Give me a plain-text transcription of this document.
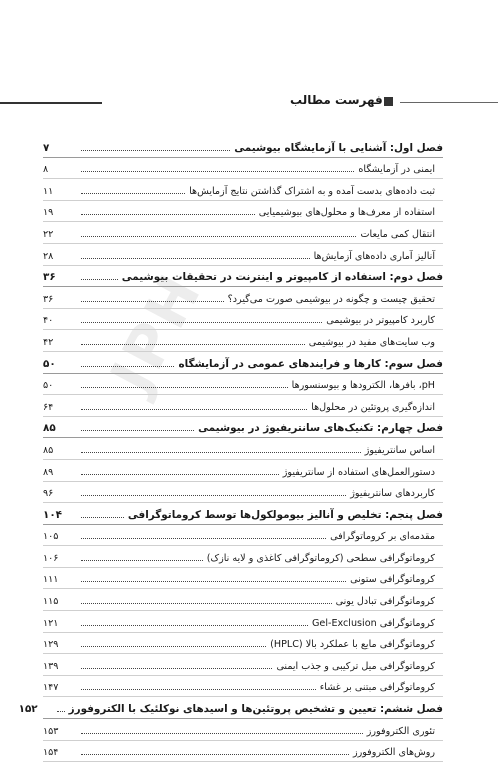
فهرست مطالب
JPH
فصل اول: آشنایی با آزمایشگاه بیوشیمی
۷
ایمنی در آزمایشگاه
۸
ثبت داده‌های بدست آمده و به اشتراک گذاشتن نتایج آزمایش‌ها
۱۱
استفاده از معرف‌ها و محلول‌های بیوشیمیایی
۱۹
انتقال کمی مایعات
۲۲
آنالیز آماری داده‌های آزمایش‌ها
۲۸
فصل دوم: استفاده از کامپیوتر و اینترنت در تحقیقات بیوشیمی
۳۶
تحقیق چیست و چگونه در بیوشیمی صورت می‌گیرد؟
۳۶
کاربرد کامپیوتر در بیوشیمی
۴۰
وب سایت‌های مفید در بیوشیمی
۴۲
فصل سوم: کارها و فرایندهای عمومی در آزمایشگاه
۵۰
pH، بافرها، الکترودها و بیوسنسورها
۵۰
اندازه‌گیری پروتئین در محلول‌ها
۶۴
فصل چهارم: تکنیک‌های سانتریفیوژ در بیوشیمی
۸۵
اساس سانتریفیوژ
۸۵
دستورالعمل‌های استفاده از سانتریفیوژ
۸۹
کاربردهای سانتریفیوژ
۹۶
فصل پنجم: تخلیص و آنالیز بیومولکول‌ها توسط کروماتوگرافی
۱۰۴
مقدمه‌ای بر کروماتوگرافی
۱۰۵
کروماتوگرافی سطحی (کروماتوگرافی کاغذی و لایه نازک)
۱۰۶
کروماتوگرافی ستونی
۱۱۱
کروماتوگرافی تبادل یونی
۱۱۵
کروماتوگرافی Gel-Exclusion
۱۲۱
کروماتوگرافی مایع با عملکرد بالا (HPLC)
۱۲۹
کروماتوگرافی میل ترکیبی و جذب ایمنی
۱۳۹
کروماتوگرافی مبتنی بر غشاء
۱۴۷
فصل ششم: تعیین و تشخیص پروتئین‌ها و اسیدهای نوکلئیک با الکتروفورز
۱۵۲
تئوری الکتروفورز
۱۵۳
روش‌های الکتروفورز
۱۵۴
